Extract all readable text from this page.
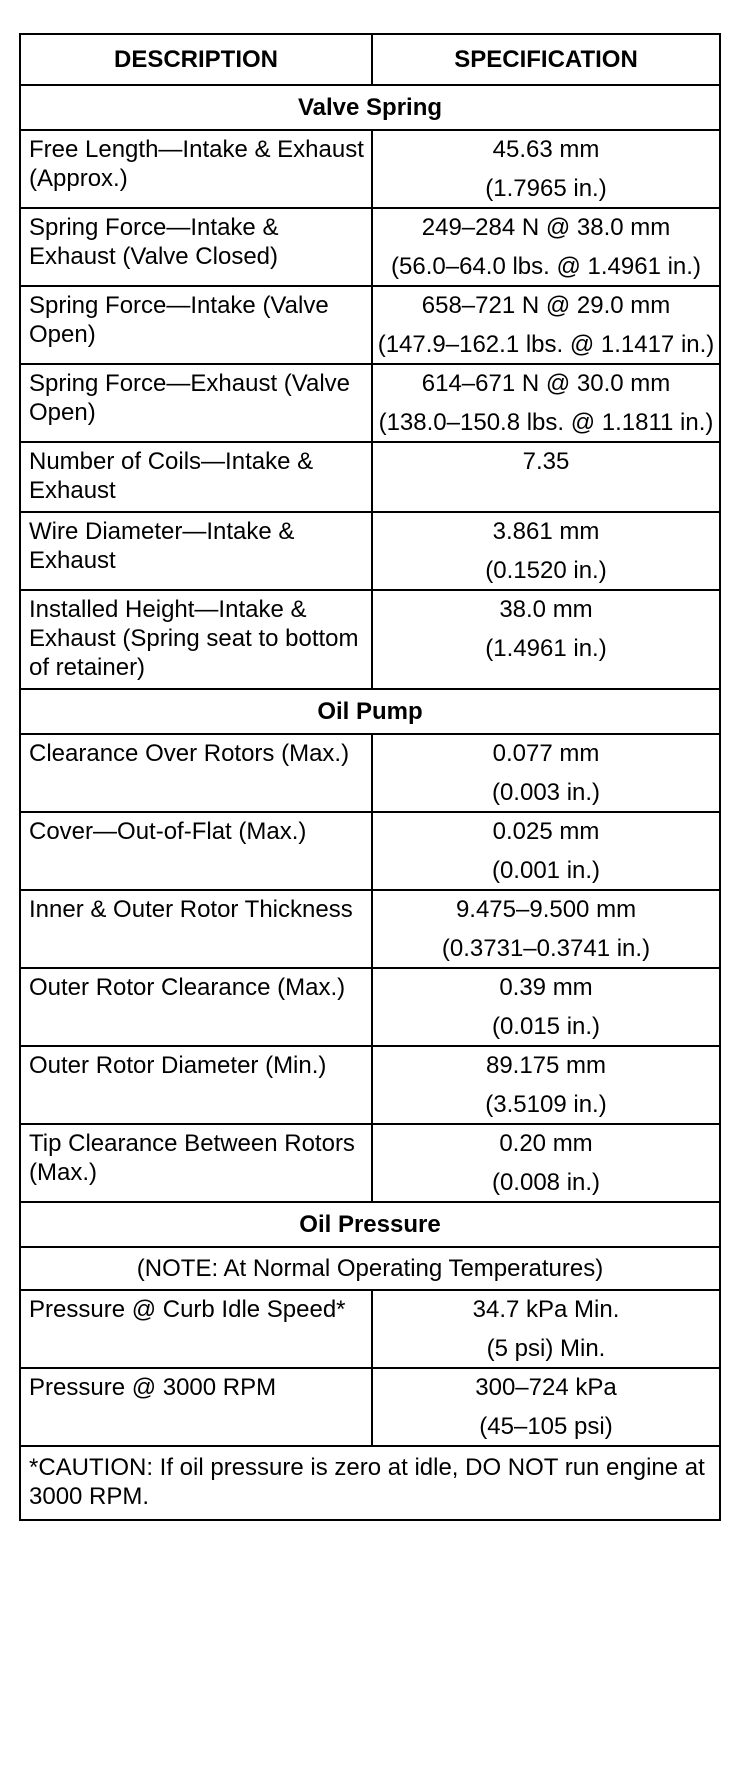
DESCRIPTION	SPECIFICATION
Valve Spring	
Free Length—Intake & Exhaust (Approx.)	45.63 mm
(1.7965 in.)

Spring Force—Intake & Exhaust (Valve Closed)	249–284 N @ 38.0 mm
(56.0–64.0 lbs. @ 1.4961 in.)

Spring Force—Intake (Valve Open)	658–721 N @ 29.0 mm
(147.9–162.1 lbs. @ 1.1417 in.)

Spring Force—Exhaust (Valve Open)	614–671 N @ 30.0 mm
(138.0–150.8 lbs. @ 1.1811 in.)

Number of Coils—Intake & Exhaust	7.35

Wire Diameter—Intake & Exhaust	3.861 mm
(0.1520 in.)

Installed Height—Intake & Exhaust (Spring seat to bottom of retainer)	38.0 mm
(1.4961 in.)

Oil Pump	
Clearance Over Rotors (Max.)	0.077 mm
(0.003 in.)

Cover—Out-of-Flat (Max.)	0.025 mm
(0.001 in.)

Inner & Outer Rotor Thickness	9.475–9.500 mm
(0.3731–0.3741 in.)

Outer Rotor Clearance (Max.)	0.39 mm
(0.015 in.)

Outer Rotor Diameter (Min.)	89.175 mm
(3.5109 in.)

Tip Clearance Between Rotors (Max.)	0.20 mm
(0.008 in.)

Oil Pressure	
(NOTE: At Normal Operating Temperatures)	
Pressure @ Curb Idle Speed*	34.7 kPa Min.
(5 psi) Min.

Pressure @ 3000 RPM	300–724 kPa
(45–105 psi)

*CAUTION: If oil pressure is zero at idle, DO NOT run engine at 3000 RPM.	
